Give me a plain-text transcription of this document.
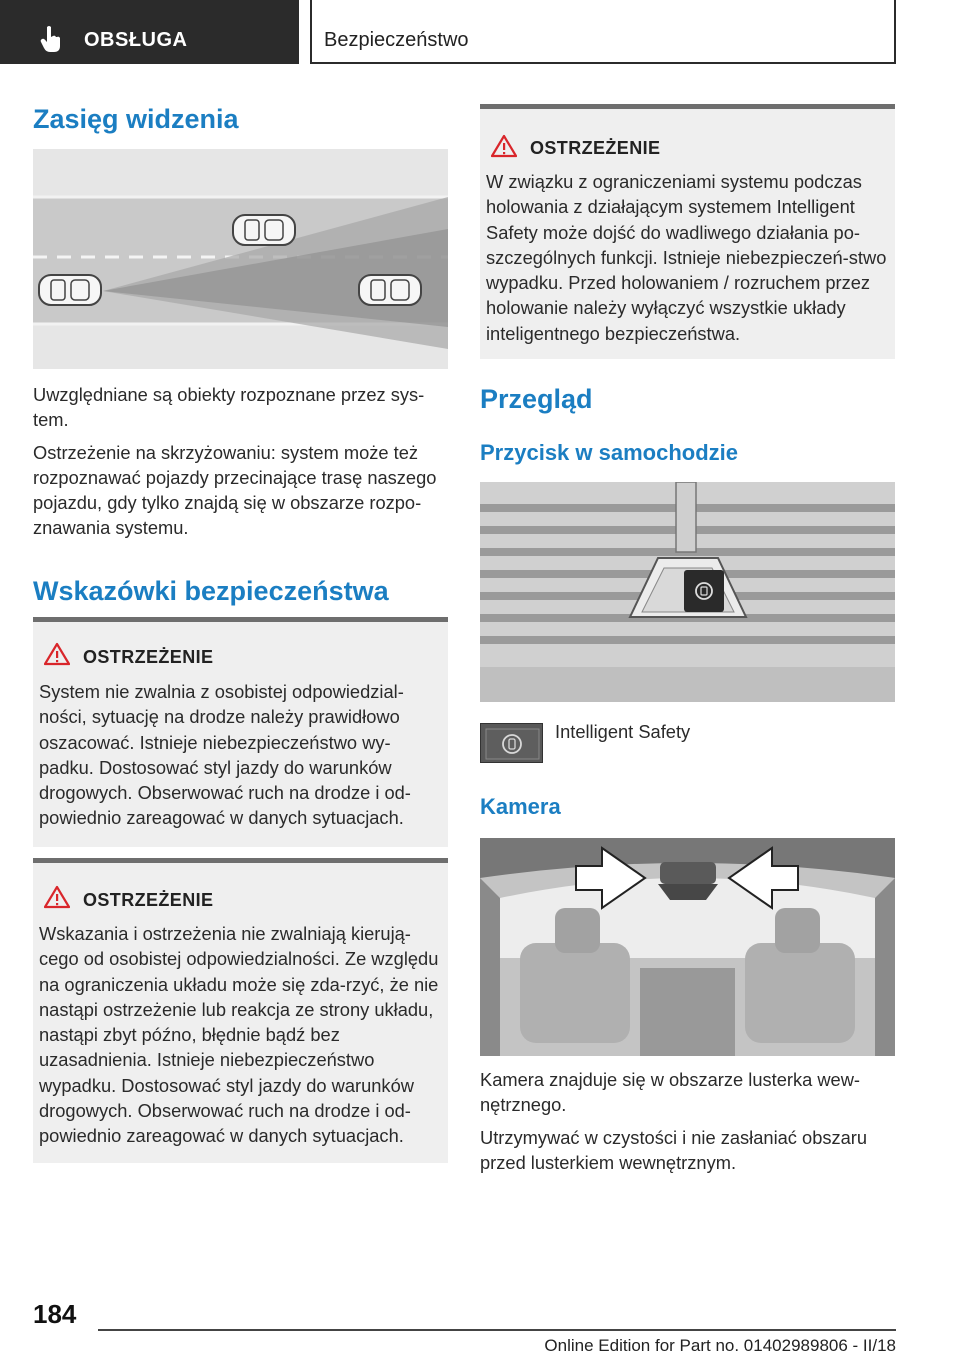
OBSŁUGA	Bezpieczeństwo
Zasięg widzenia

Uwzględniane są obiekty rozpoznane przez sys-tem.

Ostrzeżenie na skrzyżowaniu: system może też rozpoznawać pojazdy przecinające trasę naszego pojazdu, gdy tylko znajdą się w obszarze rozpo-znawania systemu.

Wskazówki bezpieczeństwa
OSTRZEŻENIE
System nie zwalnia z osobistej odpowiedzial-ności, sytuację na drodze należy prawidłowo oszacować. Istnieje niebezpieczeństwo wy-padku. Dostosować styl jazdy do warunków drogowych. Obserwować ruch na drodze i od-powiednio zareagować w danych sytuacjach.
OSTRZEŻENIE
Wskazania i ostrzeżenia nie zwalniają kierują-cego od osobistej odpowiedzialności. Ze względu na ograniczenia układu może się zda-rzyć, że nie nastąpi ostrzeżenie lub reakcja ze strony układu, nastąpi zbyt późno, błędnie bądź bez uzasadnienia. Istnieje niebezpieczeństwo wypadku. Dostosować styl jazdy do warunków drogowych. Obserwować ruch na drodze i od-powiednio zareagować w danych sytuacjach.
OSTRZEŻENIE
W związku z ograniczeniami systemu podczas holowania z działającym systemem Intelligent Safety może dojść do wadliwego działania po-szczególnych funkcji. Istnieje niebezpieczeń-stwo wypadku. Przed holowaniem / rozruchem przez holowanie należy wyłączyć wszystkie układy inteligentnego bezpieczeństwa.
Przegląd
Przycisk w samochodzie
Intelligent Safety
Kamera

Kamera znajduje się w obszarze lusterka wew-nętrznego.

Utrzymywać w czystości i nie zasłaniać obszaru przed lusterkiem wewnętrznym.

184
Online Edition for Part no. 01402989806 - II/18
